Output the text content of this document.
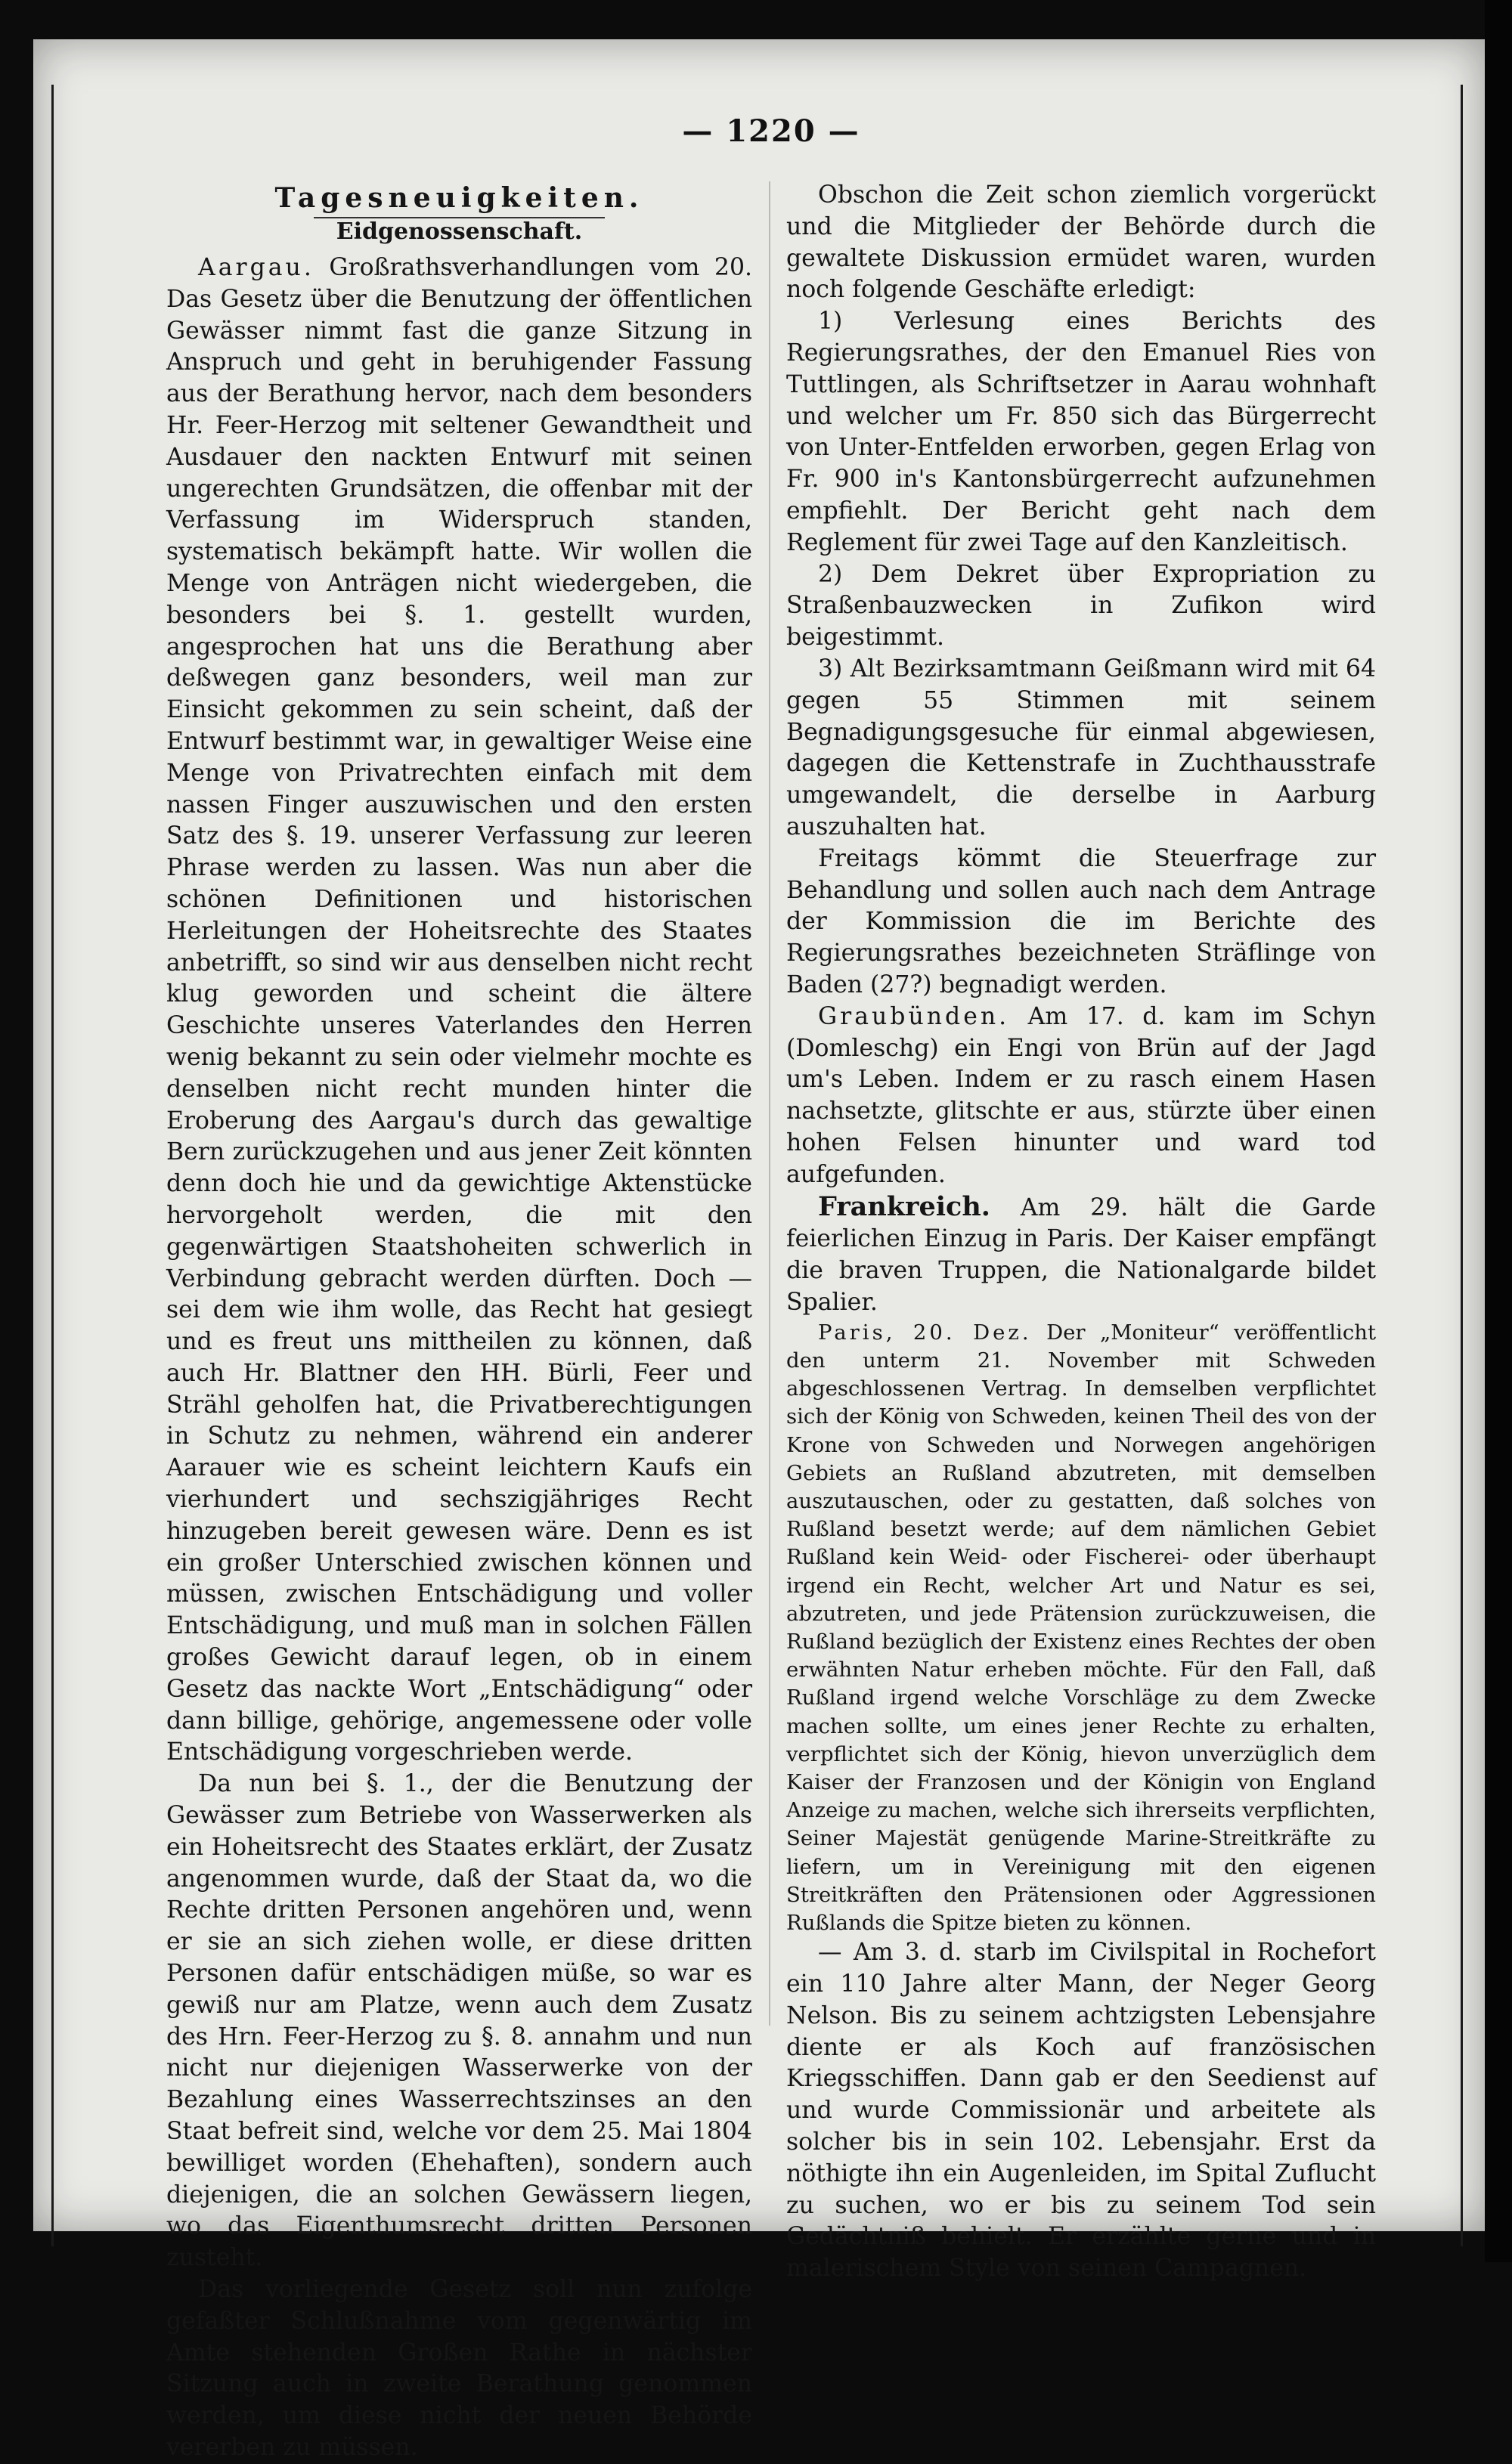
— 1220 —
Tagesneuigkeiten.
Eidgenossenschaft.

Aargau. Großrathsverhandlungen vom 20. Das Gesetz über die Benutzung der öffentlichen Gewässer nimmt fast die ganze Sitzung in Anspruch und geht in beruhigender Fassung aus der Berathung hervor, nach dem besonders Hr. Feer-Herzog mit seltener Gewandtheit und Ausdauer den nackten Entwurf mit seinen ungerechten Grundsätzen, die offenbar mit der Verfassung im Widerspruch standen, systematisch bekämpft hatte. Wir wollen die Menge von Anträgen nicht wiedergeben, die besonders bei §. 1. gestellt wurden, angesprochen hat uns die Berathung aber deßwegen ganz besonders, weil man zur Einsicht gekommen zu sein scheint, daß der Entwurf bestimmt war, in gewaltiger Weise eine Menge von Privatrechten einfach mit dem nassen Finger auszuwischen und den ersten Satz des §. 19. unserer Verfassung zur leeren Phrase werden zu lassen. Was nun aber die schönen Definitionen und historischen Herleitungen der Hoheitsrechte des Staates anbetrifft, so sind wir aus denselben nicht recht klug geworden und scheint die ältere Geschichte unseres Vaterlandes den Herren wenig bekannt zu sein oder vielmehr mochte es denselben nicht recht munden hinter die Eroberung des Aargau's durch das gewaltige Bern zurückzugehen und aus jener Zeit könnten denn doch hie und da gewichtige Aktenstücke hervorgeholt werden, die mit den gegenwärtigen Staatshoheiten schwerlich in Verbindung gebracht werden dürften. Doch — sei dem wie ihm wolle, das Recht hat gesiegt und es freut uns mittheilen zu können, daß auch Hr. Blattner den HH. Bürli, Feer und Strähl geholfen hat, die Privatberechtigungen in Schutz zu nehmen, während ein anderer Aarauer wie es scheint leichtern Kaufs ein vierhundert und sechszigjähriges Recht hinzugeben bereit gewesen wäre. Denn es ist ein großer Unterschied zwischen können und müssen, zwischen Entschädigung und voller Entschädigung, und muß man in solchen Fällen großes Gewicht darauf legen, ob in einem Gesetz das nackte Wort „Entschädigung“ oder dann billige, gehörige, angemessene oder volle Entschädigung vorgeschrieben werde.

Da nun bei §. 1., der die Benutzung der Gewässer zum Betriebe von Wasserwerken als ein Hoheitsrecht des Staates erklärt, der Zusatz angenommen wurde, daß der Staat da, wo die Rechte dritten Personen angehören und, wenn er sie an sich ziehen wolle, er diese dritten Personen dafür entschädigen müße, so war es gewiß nur am Platze, wenn auch dem Zusatz des Hrn. Feer-Herzog zu §. 8. annahm und nun nicht nur diejenigen Wasserwerke von der Bezahlung eines Wasserrechtszinses an den Staat befreit sind, welche vor dem 25. Mai 1804 bewilliget worden (Ehehaften), sondern auch diejenigen, die an solchen Gewässern liegen, wo das Eigenthumsrecht dritten Personen zusteht.

Das vorliegende Gesetz soll nun zufolge gefaßter Schlußnahme vom gegenwärtig im Amte stehenden Großen Rathe in nächster Sitzung auch in zweite Berathung genommen werden, um diese nicht der neuen Behörde vererben zu müssen.

Obschon die Zeit schon ziemlich vorgerückt und die Mitglieder der Behörde durch die gewaltete Diskussion ermüdet waren, wurden noch folgende Geschäfte erledigt:

1) Verlesung eines Berichts des Regierungsrathes, der den Emanuel Ries von Tuttlingen, als Schriftsetzer in Aarau wohnhaft und welcher um Fr. 850 sich das Bürgerrecht von Unter-Entfelden erworben, gegen Erlag von Fr. 900 in's Kantonsbürgerrecht aufzunehmen empfiehlt. Der Bericht geht nach dem Reglement für zwei Tage auf den Kanzleitisch.

2) Dem Dekret über Expropriation zu Straßenbauzwecken in Zufikon wird beigestimmt.

3) Alt Bezirksamtmann Geißmann wird mit 64 gegen 55 Stimmen mit seinem Begnadigungsgesuche für einmal abgewiesen, dagegen die Kettenstrafe in Zuchthausstrafe umgewandelt, die derselbe in Aarburg auszuhalten hat.

Freitags kömmt die Steuerfrage zur Behandlung und sollen auch nach dem Antrage der Kommission die im Berichte des Regierungsrathes bezeichneten Sträflinge von Baden (27?) begnadigt werden.

Graubünden. Am 17. d. kam im Schyn (Domleschg) ein Engi von Brün auf der Jagd um's Leben. Indem er zu rasch einem Hasen nachsetzte, glitschte er aus, stürzte über einen hohen Felsen hinunter und ward tod aufgefunden.

Frankreich. Am 29. hält die Garde feierlichen Einzug in Paris. Der Kaiser empfängt die braven Truppen, die Nationalgarde bildet Spalier.

Paris, 20. Dez. Der „Moniteur“ veröffentlicht den unterm 21. November mit Schweden abgeschlossenen Vertrag. In demselben verpflichtet sich der König von Schweden, keinen Theil des von der Krone von Schweden und Norwegen angehörigen Gebiets an Rußland abzutreten, mit demselben auszutauschen, oder zu gestatten, daß solches von Rußland besetzt werde; auf dem nämlichen Gebiet Rußland kein Weid- oder Fischerei- oder überhaupt irgend ein Recht, welcher Art und Natur es sei, abzutreten, und jede Prätension zurückzuweisen, die Rußland bezüglich der Existenz eines Rechtes der oben erwähnten Natur erheben möchte. Für den Fall, daß Rußland irgend welche Vorschläge zu dem Zwecke machen sollte, um eines jener Rechte zu erhalten, verpflichtet sich der König, hievon unverzüglich dem Kaiser der Franzosen und der Königin von England Anzeige zu machen, welche sich ihrerseits verpflichten, Seiner Majestät genügende Marine-Streitkräfte zu liefern, um in Vereinigung mit den eigenen Streitkräften den Prätensionen oder Aggressionen Rußlands die Spitze bieten zu können.

— Am 3. d. starb im Civilspital in Rochefort ein 110 Jahre alter Mann, der Neger Georg Nelson. Bis zu seinem achtzigsten Lebensjahre diente er als Koch auf französischen Kriegsschiffen. Dann gab er den Seedienst auf und wurde Commissionär und arbeitete als solcher bis in sein 102. Lebensjahr. Erst da nöthigte ihn ein Augenleiden, im Spital Zuflucht zu suchen, wo er bis zu seinem Tod sein Gedächtniß behielt. Er erzählte gerne und in malerischem Style von seinen Campagnen.
